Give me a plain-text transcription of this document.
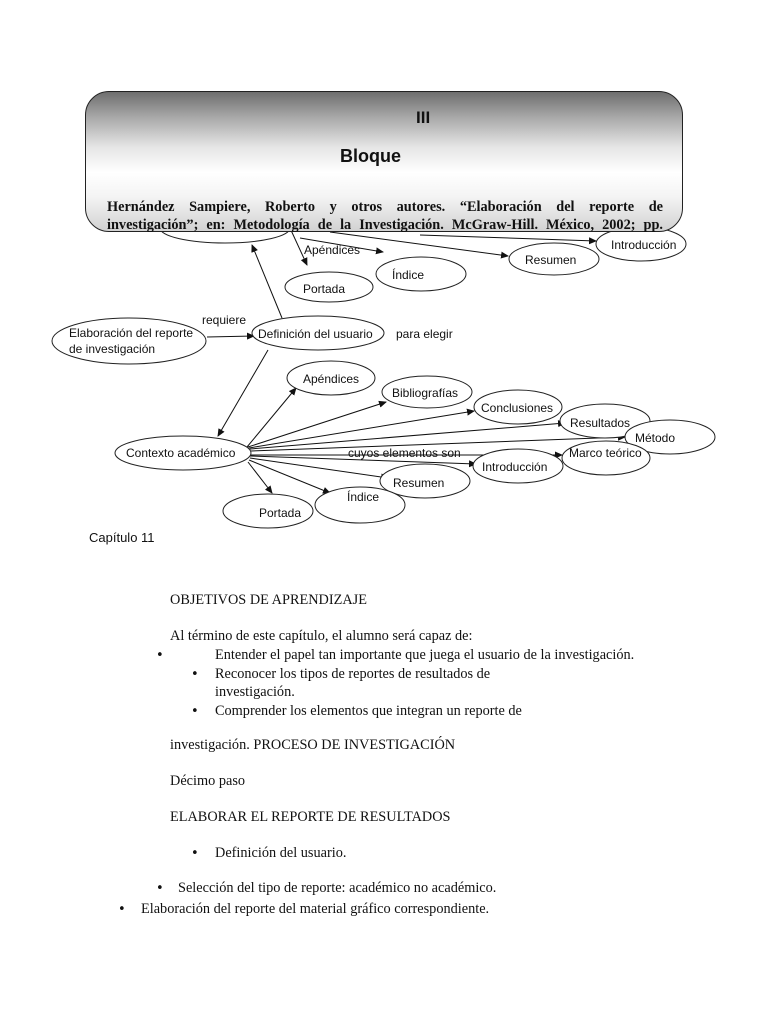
Apéndices
Portada
Índice
Resumen
Introducción
Elaboración del reporte
de investigación
requiere
Definición del usuario para elegir
Contexto académico
Apéndices
Bibliografías
Conclusiones
Resultados
Método
Marco teórico
cuyos elementos son
Introducción
Resumen
Índice
Portada
III
Bloque
Hernández Sampiere, Roberto y otros autores. “Elaboración del reporte de
investigación”; en: Metodología de la Investigación. McGraw-Hill. México, 2002; pp.
Capítulo 11
OBJETIVOS DE APRENDIZAJE
Al término de este capítulo, el alumno será capaz de:
•	Entender el papel tan importante que juega el usuario de la investigación.
• Reconocer los tipos de reportes de resultados de
investigación.
• Comprender los elementos que integran un reporte de
investigación. PROCESO DE INVESTIGACIÓN
Décimo paso
ELABORAR EL REPORTE DE RESULTADOS
• Definición del usuario.
• Selección del tipo de reporte: académico no académico.
• Elaboración del reporte del material gráfico correspondiente.
